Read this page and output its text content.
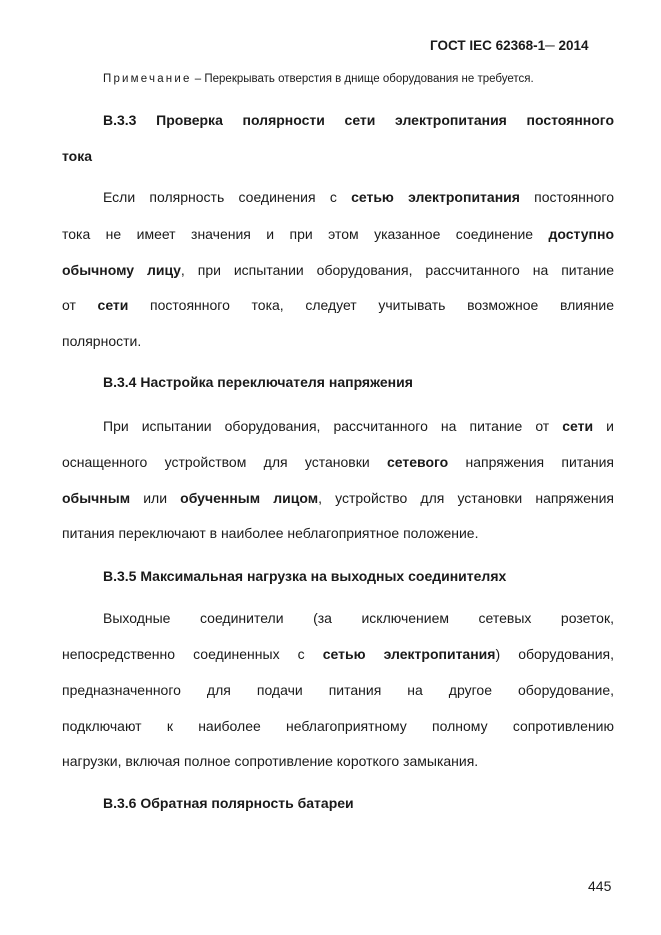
ГОСТ IEC 62368-1─ 2014
Примечание – Перекрывать отверстия в днище оборудования не требуется.
В.3.3 Проверка полярности сети электропитания постоянного
тока
Если полярность соединения с сетью электропитания постоянного
тока не имеет значения и при этом указанное соединение доступно
обычному лицу, при испытании оборудования, рассчитанного на питание
от сети постоянного тока, следует учитывать возможное влияние
полярности.
В.3.4 Настройка переключателя напряжения
При испытании оборудования, рассчитанного на питание от сети и
оснащенного устройством для установки сетевого напряжения питания
обычным или обученным лицом, устройство для установки напряжения
питания переключают в наиболее неблагоприятное положение.
В.3.5 Максимальная нагрузка на выходных соединителях
Выходные соединители (за исключением сетевых розеток,
непосредственно соединенных с сетью электропитания) оборудования,
предназначенного для подачи питания на другое оборудование,
подключают к наиболее неблагоприятному полному сопротивлению
нагрузки, включая полное сопротивление короткого замыкания.
В.3.6 Обратная полярность батареи
445
